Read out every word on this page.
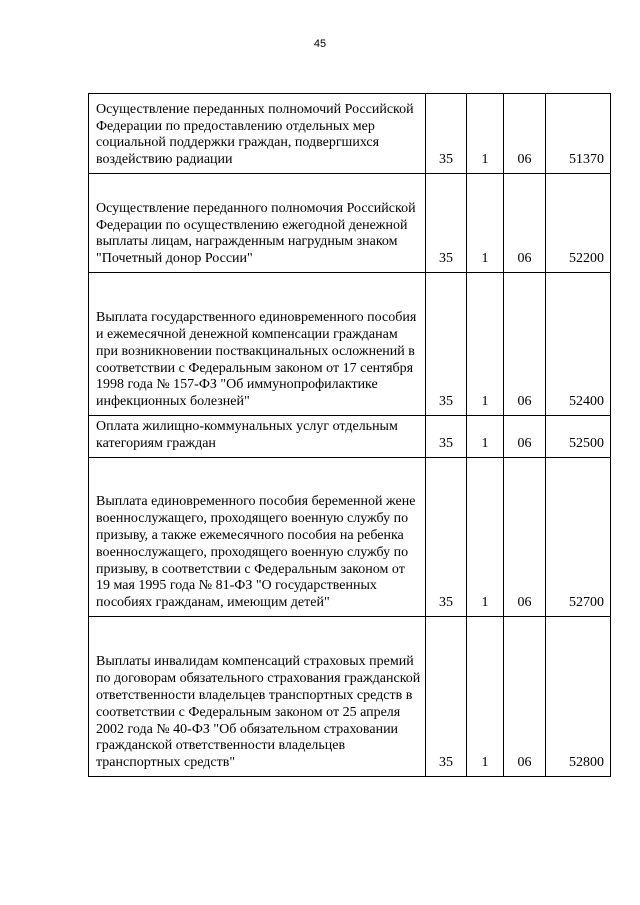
45
Осуществление переданных полномочий Российской Федерации по предоставлению отдельных мер социальной поддержки граждан, подвергшихся воздействию радиации	35	1	06	51370

Осуществление переданного полномочия Российской Федерации по осуществлению ежегодной денежной выплаты лицам, награжденным нагрудным знаком "Почетный донор России"	35	1	06	52200

Выплата государственного единовременного пособия и ежемесячной денежной компенсации гражданам при возникновении поствакцинальных осложнений в соответствии с Федеральным законом от 17 сентября 1998 года № 157-ФЗ "Об иммунопрофилактике инфекционных болезней"	35	1	06	52400

Оплата жилищно-коммунальных услуг отдельным категориям граждан	35	1	06	52500

Выплата единовременного пособия беременной жене военнослужащего, проходящего военную службу по призыву, а также ежемесячного пособия на ребенка военнослужащего, проходящего военную службу по призыву, в соответствии с Федеральным законом от 19 мая 1995 года № 81-ФЗ "О государственных пособиях гражданам, имеющим детей"	35	1	06	52700

Выплаты инвалидам компенсаций страховых премий по договорам обязательного страхования гражданской ответственности владельцев транспортных средств в соответствии с Федеральным законом от 25 апреля 2002 года № 40-ФЗ "Об обязательном страховании гражданской ответственности владельцев транспортных средств"	35	1	06	52800
